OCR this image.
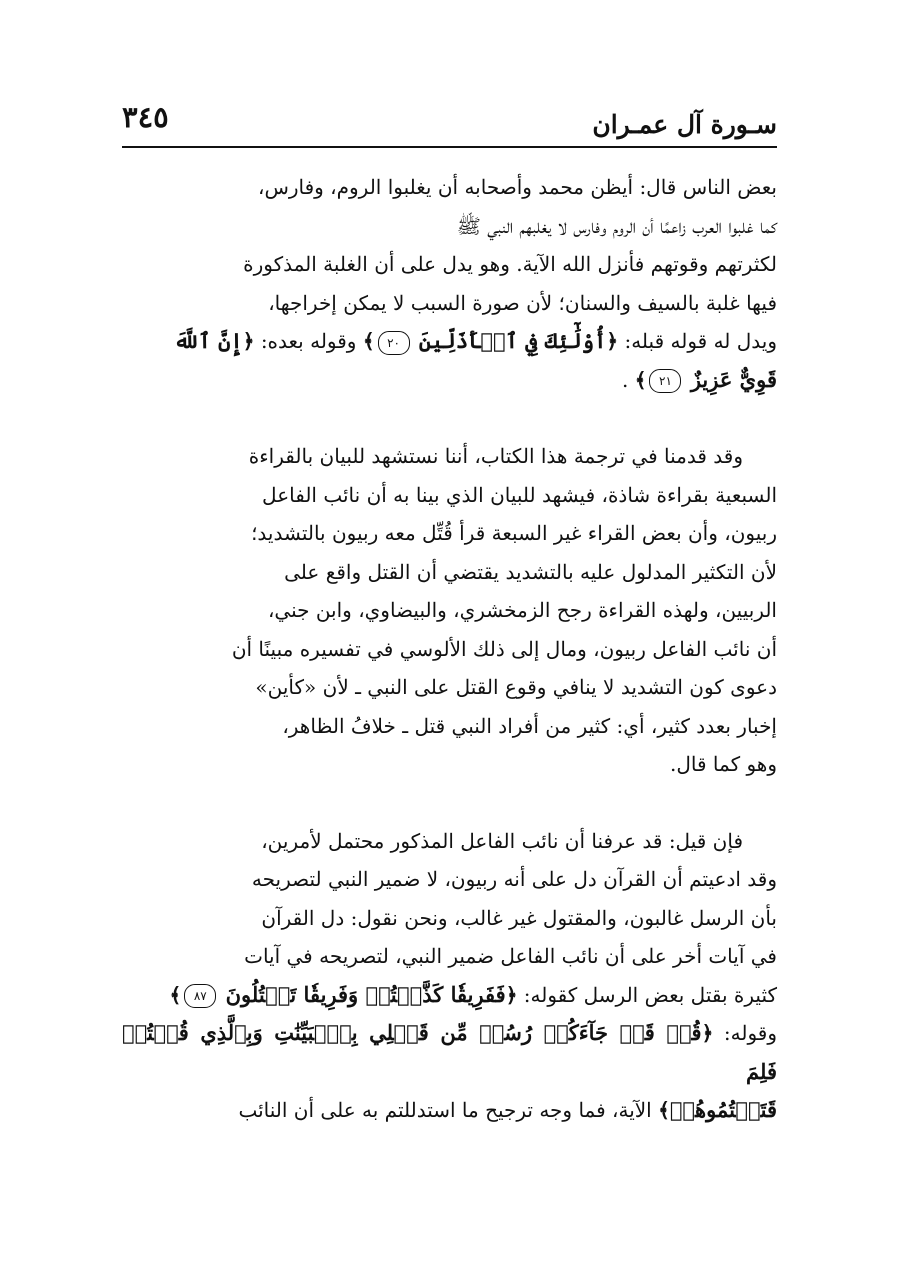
سـورة آل عمـران
٣٤٥

بعض الناس قال: أيظن محمد وأصحابه أن يغلبوا الروم، وفارس،

كما غلبوا العرب زاعمًا أن الروم وفارس لا يغلبهم النبي ﷺ

لكثرتهم وقوتهم فأنزل الله الآية. وهو يدل على أن الغلبة المذكورة

فيها غلبة بالسيف والسنان؛ لأن صورة السبب لا يمكن إخراجها،

ويدل له قوله قبله: ﴿أُوْلَٰٓئِكَ فِي ٱلۡأَذَلِّينَ ٢٠﴾ وقوله بعده: ﴿إِنَّ ٱللَّهَ

قَوِيٌّ عَزِيزٌ ٢١﴾ .

وقد قدمنا في ترجمة هذا الكتاب، أننا نستشهد للبيان بالقراءة

السبعية بقراءة شاذة، فيشهد للبيان الذي بينا به أن نائب الفاعل

ربيون، وأن بعض القراء غير السبعة قرأ قُتِّل معه ربيون بالتشديد؛

لأن التكثير المدلول عليه بالتشديد يقتضي أن القتل واقع على

الربيين، ولهذه القراءة رجح الزمخشري، والبيضاوي، وابن جني،

أن نائب الفاعل ربيون، ومال إلى ذلك الألوسي في تفسيره مبينًا أن

دعوى كون التشديد لا ينافي وقوع القتل على النبي ـ لأن «كأين»

إخبار بعدد كثير، أي: كثير من أفراد النبي قتل ـ خلافُ الظاهر،

وهو كما قال.

فإن قيل: قد عرفنا أن نائب الفاعل المذكور محتمل لأمرين،

وقد ادعيتم أن القرآن دل على أنه ربيون، لا ضمير النبي لتصريحه

بأن الرسل غالبون، والمقتول غير غالب، ونحن نقول: دل القرآن

في آيات أخر على أن نائب الفاعل ضمير النبي، لتصريحه في آيات

كثيرة بقتل بعض الرسل كقوله: ﴿فَفَرِيقٗا كَذَّبۡتُمۡ وَفَرِيقٗا تَقۡتُلُونَ ٨٧﴾

وقوله: ﴿قُلۡ قَدۡ جَآءَكُمۡ رُسُلٞ مِّن قَبۡلِي بِٱلۡبَيِّنَٰتِ وَبِٱلَّذِي قُلۡتُمۡ فَلِمَ

قَتَلۡتُمُوهُمۡ﴾ الآية، فما وجه ترجيح ما استدللتم به على أن النائب
